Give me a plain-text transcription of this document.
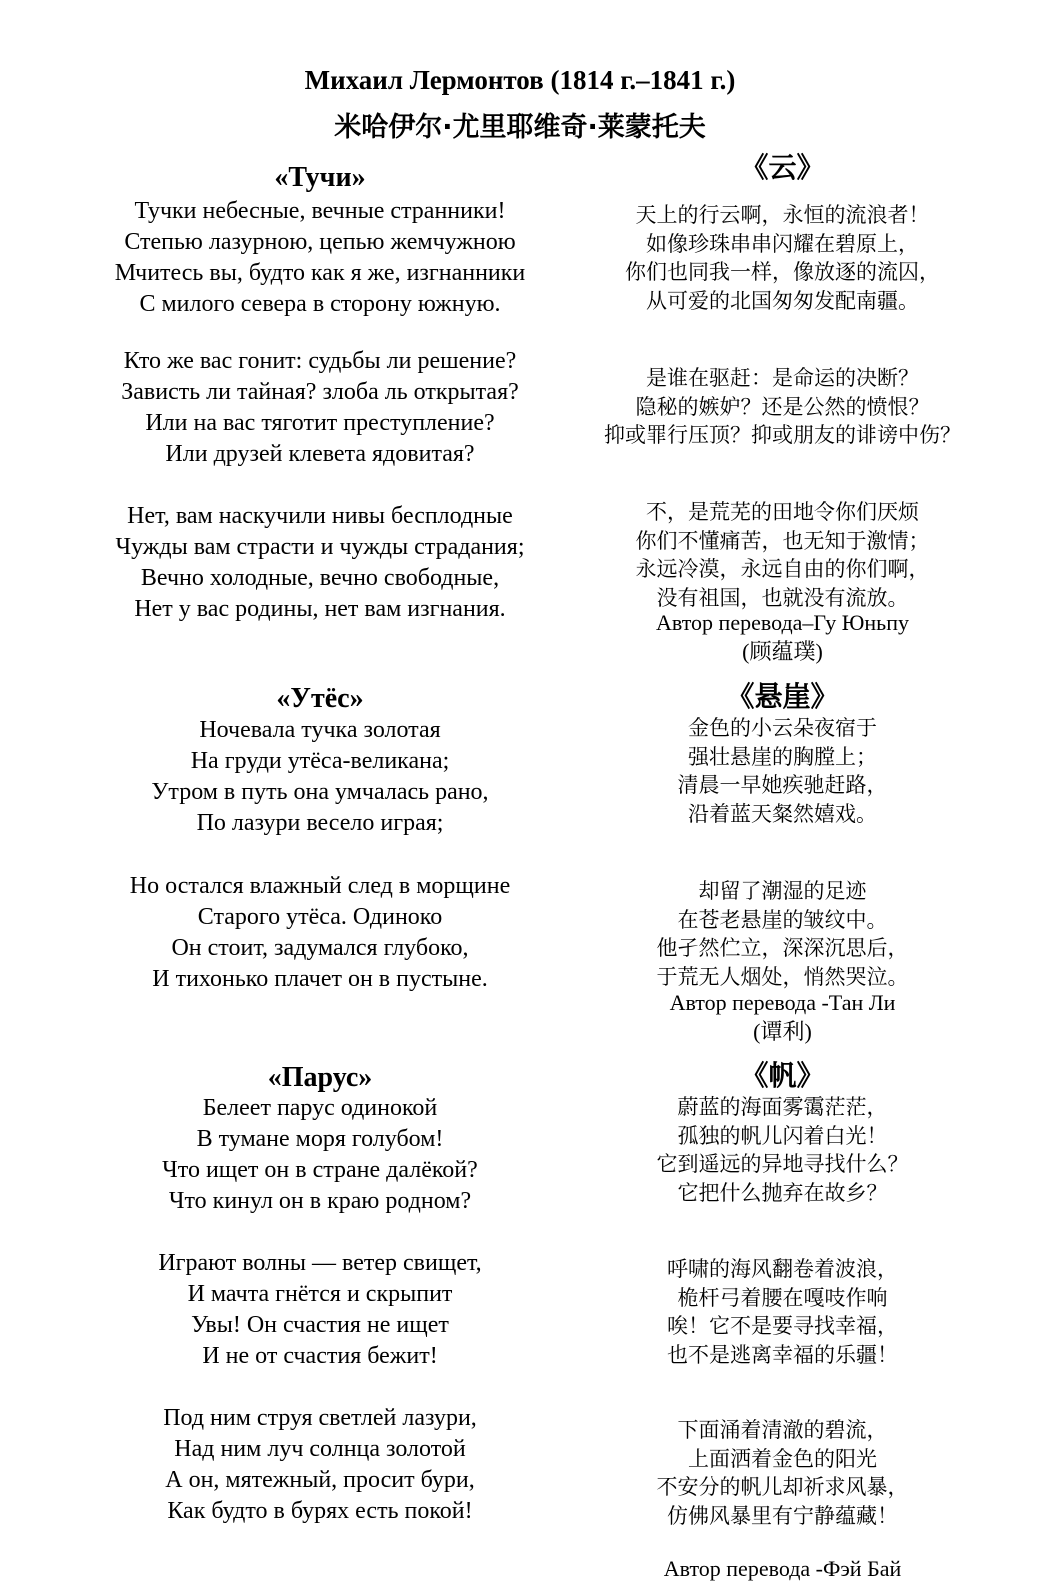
Михаил Лермонтов (1814 г.–1841 г.)
米哈伊尔·尤里耶维奇·莱蒙托夫
«Тучи»
Тучки небесные, вечные странники!
Степью лазурною, цепью жемчужною
Мчитесь вы, будто как я же, изгнанники
С милого севера в сторону южную.
Кто же вас гонит: судьбы ли решение?
Зависть ли тайная? злоба ль открытая?
Или на вас тяготит преступление?
Или друзей клевета ядовитая?
Нет, вам наскучили нивы бесплодные
Чужды вам страсти и чужды страдания;
Вечно холодные, вечно свободные,
Нет у вас родины, нет вам изгнания.
《云》
天上的行云啊，永恒的流浪者！
如像珍珠串串闪耀在碧原上，
你们也同我一样，像放逐的流囚，
从可爱的北国匆匆发配南疆。
是谁在驱赶：是命运的决断？
隐秘的嫉妒？还是公然的愤恨？
抑或罪行压顶？抑或朋友的诽谤中伤？
不，是荒芜的田地令你们厌烦
你们不懂痛苦，也无知于激情；
永远冷漠，永远自由的你们啊，
没有祖国，也就没有流放。
Автор перевода–Гу Юньпу
(顾蕴璞)
«Утёс»
Ночевала тучка золотая
На груди утёса-великана;
Утром в путь она умчалась рано,
По лазури весело играя;
Но остался влажный след в морщине
Старого утёса. Одиноко
Он стоит, задумался глубоко,
И тихонько плачет он в пустыне.
《悬崖》
金色的小云朵夜宿于
强壮悬崖的胸膛上；
清晨一早她疾驰赶路，
沿着蓝天粲然嬉戏。
却留了潮湿的足迹
在苍老悬崖的皱纹中。
他孑然伫立，深深沉思后，
于荒无人烟处，悄然哭泣。
Автор перевода -Тан Ли
(谭利)
«Парус»
Белеет парус одинокой
В тумане моря голубом!
Что ищет он в стране далёкой?
Что кинул он в краю родном?
Играют волны — ветер свищет,
И мачта гнётся и скрыпит
Увы! Он счастия не ищет
И не от счастия бежит!
Под ним струя светлей лазури,
Над ним луч солнца золотой
А он, мятежный, просит бури,
Как будто в бурях есть покой!
《帆》
蔚蓝的海面雾霭茫茫，
孤独的帆儿闪着白光！
它到遥远的异地寻找什么？
它把什么抛弃在故乡？
呼啸的海风翻卷着波浪，
桅杆弓着腰在嘎吱作响
唉！它不是要寻找幸福，
也不是逃离幸福的乐疆！
下面涌着清澈的碧流，
上面洒着金色的阳光
不安分的帆儿却祈求风暴，
仿佛风暴里有宁静蕴藏！
Автор перевода -Фэй Бай
